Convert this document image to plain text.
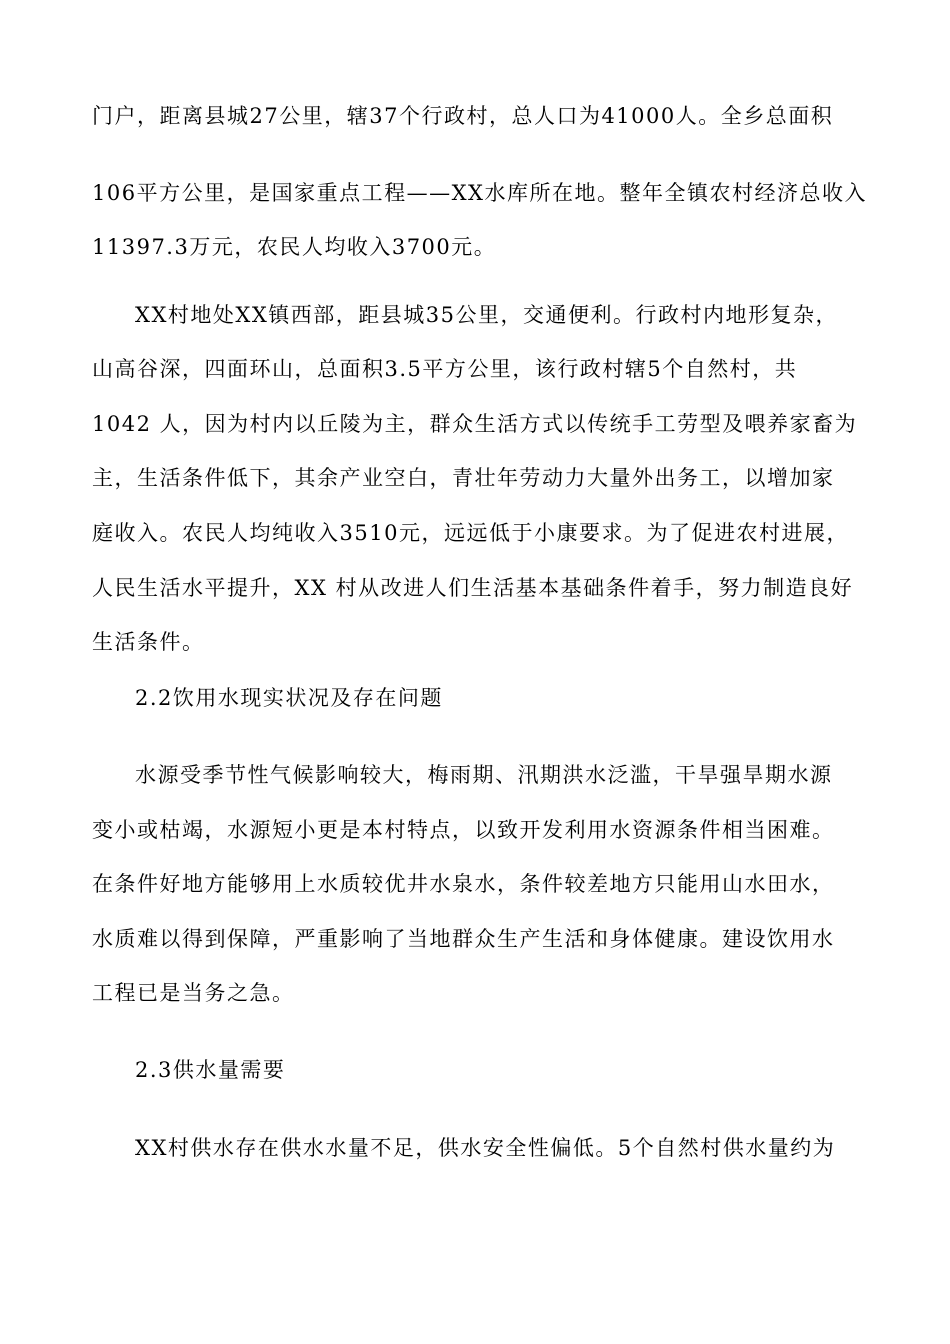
门户，距离县城27公里，辖37个行政村，总人口为41000人。全乡总面积
106平方公里，是国家重点工程——XX水库所在地。整年全镇农村经济总收入
11397.3万元，农民人均收入3700元。
XX村地处XX镇西部，距县城35公里，交通便利。行政村内地形复杂，
山高谷深，四面环山，总面积3.5平方公里，该行政村辖5个自然村，共
1042 人，因为村内以丘陵为主，群众生活方式以传统手工劳型及喂养家畜为
主，生活条件低下，其余产业空白，青壮年劳动力大量外出务工，以增加家
庭收入。农民人均纯收入3510元，远远低于小康要求。为了促进农村进展，
人民生活水平提升，XX 村从改进人们生活基本基础条件着手，努力制造良好
生活条件。
2.2饮用水现实状况及存在问题
水源受季节性气候影响较大，梅雨期、汛期洪水泛滥，干旱强旱期水源
变小或枯竭，水源短小更是本村特点，以致开发利用水资源条件相当困难。
在条件好地方能够用上水质较优井水泉水，条件较差地方只能用山水田水，
水质难以得到保障，严重影响了当地群众生产生活和身体健康。建设饮用水
工程已是当务之急。
2.3供水量需要
XX村供水存在供水水量不足，供水安全性偏低。5个自然村供水量约为
